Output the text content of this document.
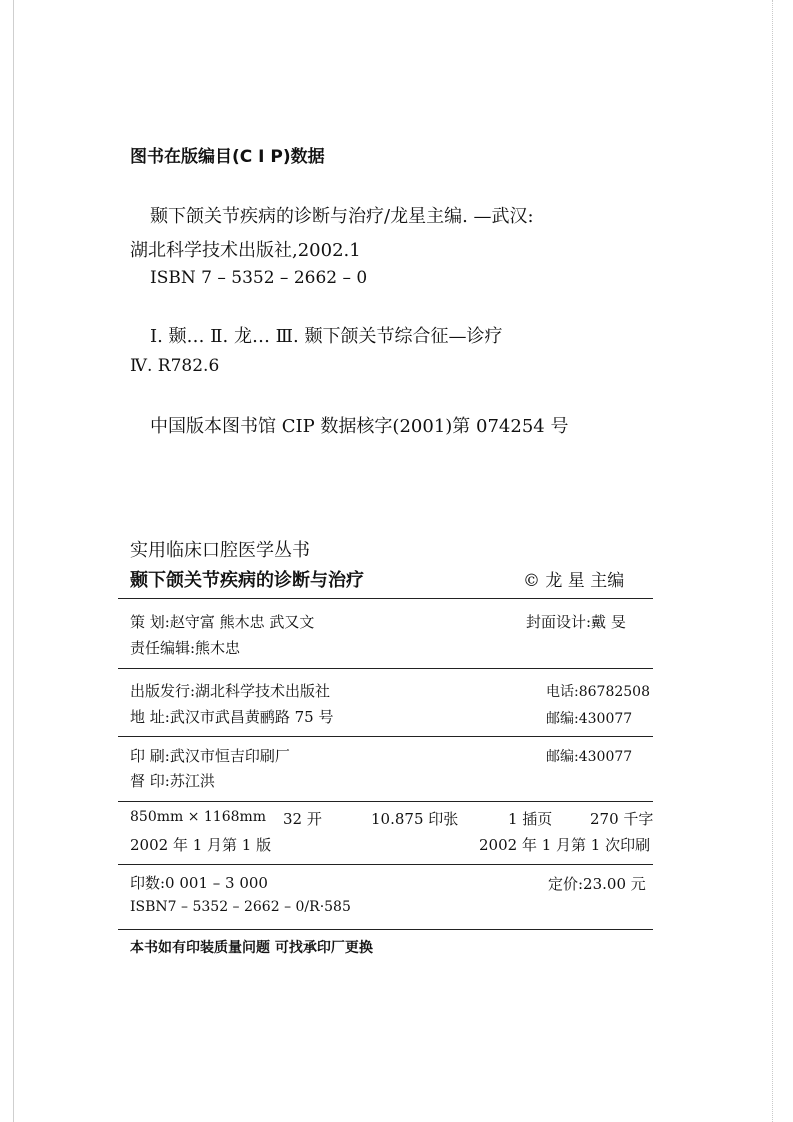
图书在版编目(C I P)数据
颞下颌关节疾病的诊断与治疗/龙星主编. —武汉:
湖北科学技术出版社,2002.1
ISBN 7 – 5352 – 2662 – 0
Ⅰ. 颞… Ⅱ. 龙… Ⅲ. 颞下颌关节综合征—诊疗
Ⅳ. R782.6
中国版本图书馆 CIP 数据核字(2001)第 074254 号
实用临床口腔医学丛书
颞下颌关节疾病的诊断与治疗	© 龙 星 主编
策 划:赵守富 熊木忠 武又文	封面设计:戴 旻
责任编辑:熊木忠
出版发行:湖北科学技术出版社	电话:86782508
地 址:武汉市武昌黄鹂路 75 号	邮编:430077
印 刷:武汉市恒吉印刷厂	邮编:430077
督 印:苏江洪
850mm × 1168mm 32 开	10.875 印张	1 插页	270 千字
2002 年 1 月第 1 版	2002 年 1 月第 1 次印刷
印数:0 001 – 3 000	定价:23.00 元
ISBN7 – 5352 – 2662 – 0/R·585
本书如有印装质量问题 可找承印厂更换
